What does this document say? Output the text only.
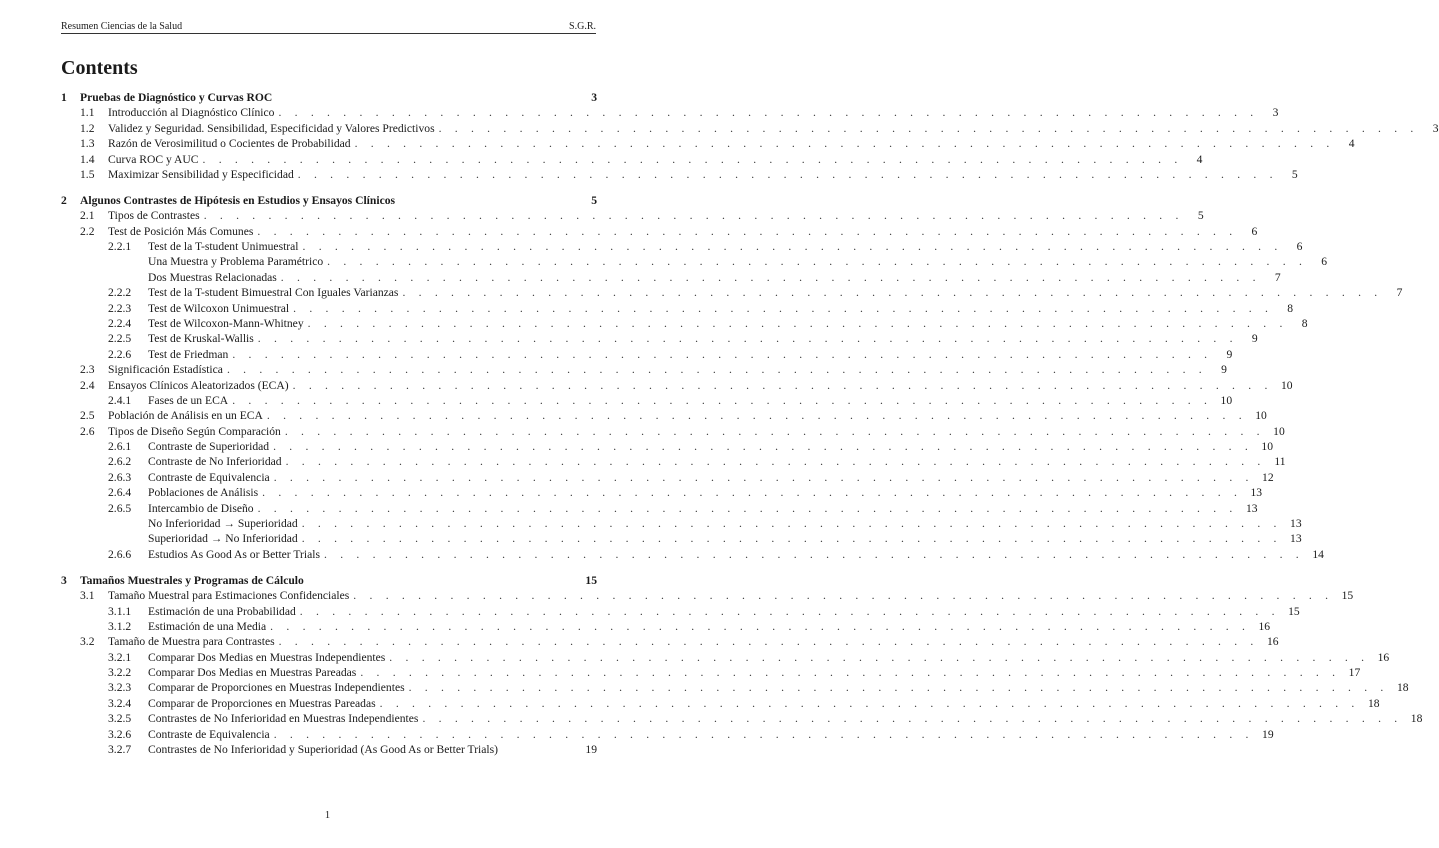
Resumen Ciencias de la Salud	S.G.R.
Contents
1 Pruebas de Diagnóstico y Curvas ROC	3
1.1 Introducción al Diagnóstico Clínico . . . . . . . . . . . . . . . . . . . . . . . . . . . . . . . . . . . . . . . . . . . . . . . . . . . . . . . . . . . . .	3
1.2 Validez y Seguridad. Sensibilidad, Especificidad y Valores Predictivos . . . . . . . . . . . . . . . . . . . . . . . . . . . . . . . . . . . . . . . . . . . . . . . . . . . . . . . . . . . . .	3
1.3 Razón de Verosimilitud o Cocientes de Probabilidad . . . . . . . . . . . . . . . . . . . . . . . . . . . . . . . . . . . . . . . . . . . . . . . . . . . . . . . . . . . . .	4
1.4 Curva ROC y AUC . . . . . . . . . . . . . . . . . . . . . . . . . . . . . . . . . . . . . . . . . . . . . . . . . . . . . . . . . . . . .	4
1.5 Maximizar Sensibilidad y Especificidad . . . . . . . . . . . . . . . . . . . . . . . . . . . . . . . . . . . . . . . . . . . . . . . . . . . . . . . . . . . . .	5
2 Algunos Contrastes de Hipótesis en Estudios y Ensayos Clínicos	5
2.1 Tipos de Contrastes . . . . . . . . . . . . . . . . . . . . . . . . . . . . . . . . . . . . . . . . . . . . . . . . . . . . . . . . . . . . .	5
2.2 Test de Posición Más Comunes . . . . . . . . . . . . . . . . . . . . . . . . . . . . . . . . . . . . . . . . . . . . . . . . . . . . . . . . . . . . .	6
2.2.1 Test de la T-student Unimuestral . . . . . . . . . . . . . . . . . . . . . . . . . . . . . . . . . . . . . . . . . . . . . . . . . . . . . . . . . . . . .	6
Una Muestra y Problema Paramétrico . . . . . . . . . . . . . . . . . . . . . . . . . . . . . . . . . . . . . . . . . . . . . . . . . . . . . . . . . . . . .	6
Dos Muestras Relacionadas . . . . . . . . . . . . . . . . . . . . . . . . . . . . . . . . . . . . . . . . . . . . . . . . . . . . . . . . . . . . .	7
2.2.2 Test de la T-student Bimuestral Con Iguales Varianzas . . . . . . . . . . . . . . . . . . . . . . . . . . . . . . . . . . . . . . . . . . . . . . . . . . . . . . . . . . . . .	7
2.2.3 Test de Wilcoxon Unimuestral . . . . . . . . . . . . . . . . . . . . . . . . . . . . . . . . . . . . . . . . . . . . . . . . . . . . . . . . . . . . .	8
2.2.4 Test de Wilcoxon-Mann-Whitney . . . . . . . . . . . . . . . . . . . . . . . . . . . . . . . . . . . . . . . . . . . . . . . . . . . . . . . . . . . . .	8
2.2.5 Test de Kruskal-Wallis . . . . . . . . . . . . . . . . . . . . . . . . . . . . . . . . . . . . . . . . . . . . . . . . . . . . . . . . . . . . .	9
2.2.6 Test de Friedman . . . . . . . . . . . . . . . . . . . . . . . . . . . . . . . . . . . . . . . . . . . . . . . . . . . . . . . . . . . . .	9
2.3 Significación Estadística . . . . . . . . . . . . . . . . . . . . . . . . . . . . . . . . . . . . . . . . . . . . . . . . . . . . . . . . . . . . .	9
2.4 Ensayos Clínicos Aleatorizados (ECA) . . . . . . . . . . . . . . . . . . . . . . . . . . . . . . . . . . . . . . . . . . . . . . . . . . . . . . . . . . . . . 10
2.4.1 Fases de un ECA . . . . . . . . . . . . . . . . . . . . . . . . . . . . . . . . . . . . . . . . . . . . . . . . . . . . . . . . . . . . . 10
2.5 Población de Análisis en un ECA . . . . . . . . . . . . . . . . . . . . . . . . . . . . . . . . . . . . . . . . . . . . . . . . . . . . . . . . . . . . . 10
2.6 Tipos de Diseño Según Comparación . . . . . . . . . . . . . . . . . . . . . . . . . . . . . . . . . . . . . . . . . . . . . . . . . . . . . . . . . . . . . 10
2.6.1 Contraste de Superioridad . . . . . . . . . . . . . . . . . . . . . . . . . . . . . . . . . . . . . . . . . . . . . . . . . . . . . . . . . . . . . 10
2.6.2 Contraste de No Inferioridad . . . . . . . . . . . . . . . . . . . . . . . . . . . . . . . . . . . . . . . . . . . . . . . . . . . . . . . . . . . . . 11
2.6.3 Contraste de Equivalencia . . . . . . . . . . . . . . . . . . . . . . . . . . . . . . . . . . . . . . . . . . . . . . . . . . . . . . . . . . . . . 12
2.6.4 Poblaciones de Análisis . . . . . . . . . . . . . . . . . . . . . . . . . . . . . . . . . . . . . . . . . . . . . . . . . . . . . . . . . . . . . 13
2.6.5 Intercambio de Diseño . . . . . . . . . . . . . . . . . . . . . . . . . . . . . . . . . . . . . . . . . . . . . . . . . . . . . . . . . . . . . 13
No Inferioridad → Superioridad . . . . . . . . . . . . . . . . . . . . . . . . . . . . . . . . . . . . . . . . . . . . . . . . . . . . . . . . . . . . . 13
Superioridad → No Inferioridad . . . . . . . . . . . . . . . . . . . . . . . . . . . . . . . . . . . . . . . . . . . . . . . . . . . . . . . . . . . . . 13
2.6.6 Estudios As Good As or Better Trials . . . . . . . . . . . . . . . . . . . . . . . . . . . . . . . . . . . . . . . . . . . . . . . . . . . . . . . . . . . . . 14
3 Tamaños Muestrales y Programas de Cálculo	15
3.1 Tamaño Muestral para Estimaciones Confidenciales . . . . . . . . . . . . . . . . . . . . . . . . . . . . . . . . . . . . . . . . . . . . . . . . . . . . . . . . . . . . . 15
3.1.1 Estimación de una Probabilidad . . . . . . . . . . . . . . . . . . . . . . . . . . . . . . . . . . . . . . . . . . . . . . . . . . . . . . . . . . . . . 15
3.1.2 Estimación de una Media . . . . . . . . . . . . . . . . . . . . . . . . . . . . . . . . . . . . . . . . . . . . . . . . . . . . . . . . . . . . . 16
3.2 Tamaño de Muestra para Contrastes . . . . . . . . . . . . . . . . . . . . . . . . . . . . . . . . . . . . . . . . . . . . . . . . . . . . . . . . . . . . . 16
3.2.1 Comparar Dos Medias en Muestras Independientes . . . . . . . . . . . . . . . . . . . . . . . . . . . . . . . . . . . . . . . . . . . . . . . . . . . . . . . . . . . . . 16
3.2.2 Comparar Dos Medias en Muestras Pareadas . . . . . . . . . . . . . . . . . . . . . . . . . . . . . . . . . . . . . . . . . . . . . . . . . . . . . . . . . . . . . 17
3.2.3 Comparar de Proporciones en Muestras Independientes . . . . . . . . . . . . . . . . . . . . . . . . . . . . . . . . . . . . . . . . . . . . . . . . . . . . . . . . . . . . . 18
3.2.4 Comparar de Proporciones en Muestras Pareadas . . . . . . . . . . . . . . . . . . . . . . . . . . . . . . . . . . . . . . . . . . . . . . . . . . . . . . . . . . . . . 18
3.2.5 Contrastes de No Inferioridad en Muestras Independientes . . . . . . . . . . . . . . . . . . . . . . . . . . . . . . . . . . . . . . . . . . . . . . . . . . . . . . . . . . . . . 18
3.2.6 Contraste de Equivalencia . . . . . . . . . . . . . . . . . . . . . . . . . . . . . . . . . . . . . . . . . . . . . . . . . . . . . . . . . . . . . 19
3.2.7 Contrastes de No Inferioridad y Superioridad (As Good As or Better Trials)	19
1
